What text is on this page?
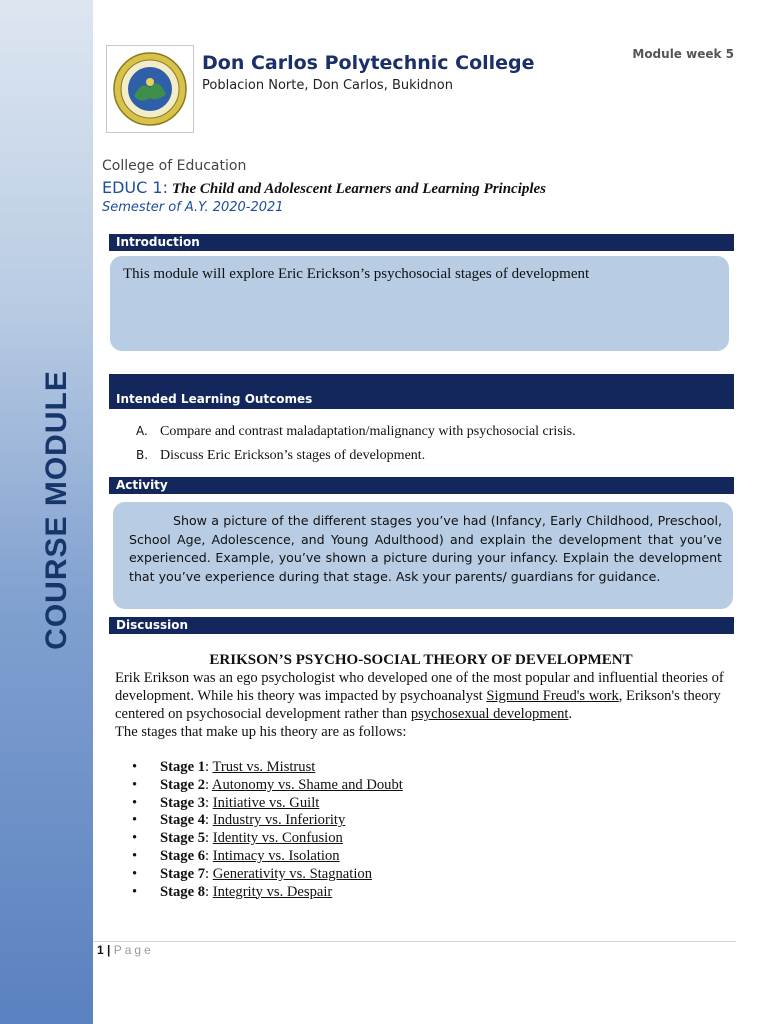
COURSE MODULE
Don Carlos Polytechnic College
Poblacion Norte, Don Carlos, Bukidnon
Module week 5
College of Education
EDUC 1: The Child and Adolescent Learners and Learning Principles
Semester of A.Y. 2020-2021
Introduction
This module will explore Eric Erickson’s psychosocial stages of development
Intended Learning Outcomes
A. Compare and contrast maladaptation/malignancy with psychosocial crisis.
B. Discuss Eric Erickson’s stages of development.
Activity
Show a picture of the different stages you’ve had (Infancy, Early Childhood, Preschool, School Age, Adolescence, and Young Adulthood) and explain the development that you’ve experienced. Example, you’ve shown a picture during your infancy. Explain the development that you’ve experience during that stage. Ask your parents/ guardians for guidance.
Discussion
ERIKSON’S PSYCHO-SOCIAL THEORY OF DEVELOPMENT
Erik Erikson was an ego psychologist who developed one of the most popular and influential theories of development. While his theory was impacted by psychoanalyst Sigmund Freud's work, Erikson's theory centered on psychosocial development rather than psychosexual development.
The stages that make up his theory are as follows:
• Stage 1: Trust vs. Mistrust
• Stage 2: Autonomy vs. Shame and Doubt
• Stage 3: Initiative vs. Guilt
• Stage 4: Industry vs. Inferiority
• Stage 5: Identity vs. Confusion
• Stage 6: Intimacy vs. Isolation
• Stage 7: Generativity vs. Stagnation
• Stage 8: Integrity vs. Despair
1 | Page
